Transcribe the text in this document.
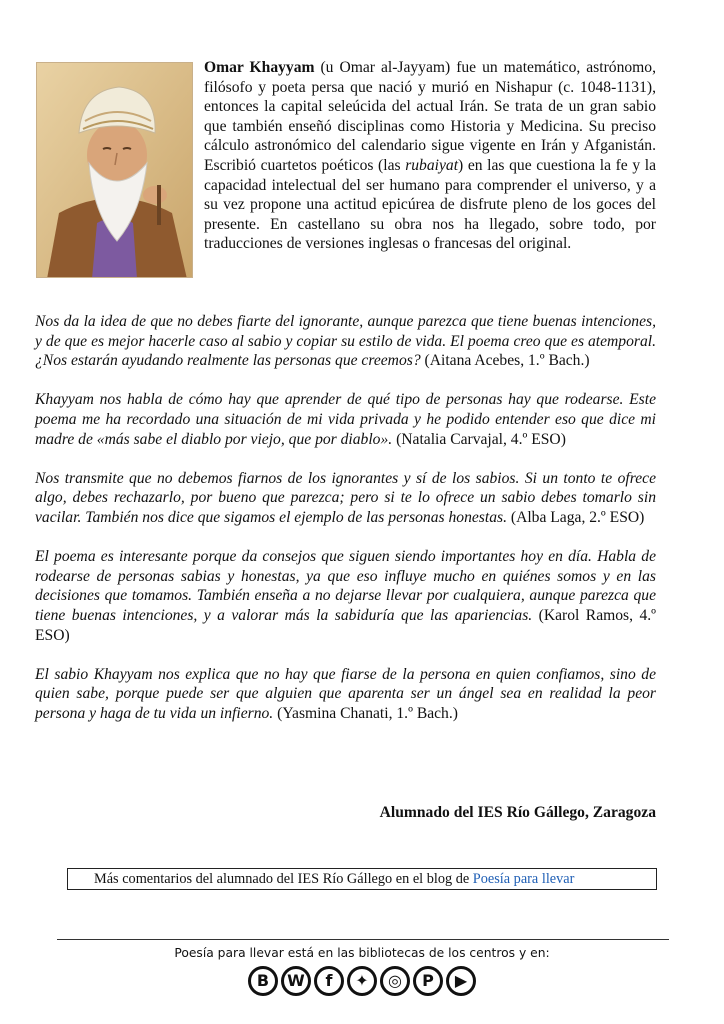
Omar Khayyam (u Omar al-Jayyam) fue un matemático, astrónomo, filósofo y poeta persa que nació y murió en Nishapur (c. 1048-1131), entonces la capital seleúcida del actual Irán. Se trata de un gran sabio que también enseñó disciplinas como Historia y Medicina. Su preciso cálculo astronómico del calendario sigue vigente en Irán y Afganistán. Escribió cuartetos poéticos (las rubaiyat) en las que cuestiona la fe y la capacidad intelectual del ser humano para comprender el universo, y a su vez propone una actitud epicúrea de disfrute pleno de los goces del presente. En castellano su obra nos ha llegado, sobre todo, por traducciones de versiones inglesas o francesas del original.

Nos da la idea de que no debes fiarte del ignorante, aunque parezca que tiene buenas intenciones, y de que es mejor hacerle caso al sabio y copiar su estilo de vida. El poema creo que es atemporal. ¿Nos estarán ayudando realmente las personas que creemos? (Aitana Acebes, 1.º Bach.)

Khayyam nos habla de cómo hay que aprender de qué tipo de personas hay que rodearse. Este poema me ha recordado una situación de mi vida privada y he podido entender eso que dice mi madre de «más sabe el diablo por viejo, que por diablo». (Natalia Carvajal, 4.º ESO)

Nos transmite que no debemos fiarnos de los ignorantes y sí de los sabios. Si un tonto te ofrece algo, debes rechazarlo, por bueno que parezca; pero si te lo ofrece un sabio debes tomarlo sin vacilar. También nos dice que sigamos el ejemplo de las personas honestas. (Alba Laga, 2.º ESO)

El poema es interesante porque da consejos que siguen siendo importantes hoy en día. Habla de rodearse de personas sabias y honestas, ya que eso influye mucho en quiénes somos y en las decisiones que tomamos. También enseña a no dejarse llevar por cualquiera, aunque parezca que tiene buenas intenciones, y a valorar más la sabiduría que las apariencias. (Karol Ramos, 4.º ESO)

El sabio Khayyam nos explica que no hay que fiarse de la persona en quien confiamos, sino de quien sabe, porque puede ser que alguien que aparenta ser un ángel sea en realidad la peor persona y haga de tu vida un infierno. (Yasmina Chanati, 1.º Bach.)

Alumnado del IES Río Gállego, Zaragoza
Más comentarios del alumnado del IES Río Gállego en el blog de Poesía para llevar
Poesía para llevar está en las bibliotecas de los centros y en:
B W f ✦ ◎ P ▶
